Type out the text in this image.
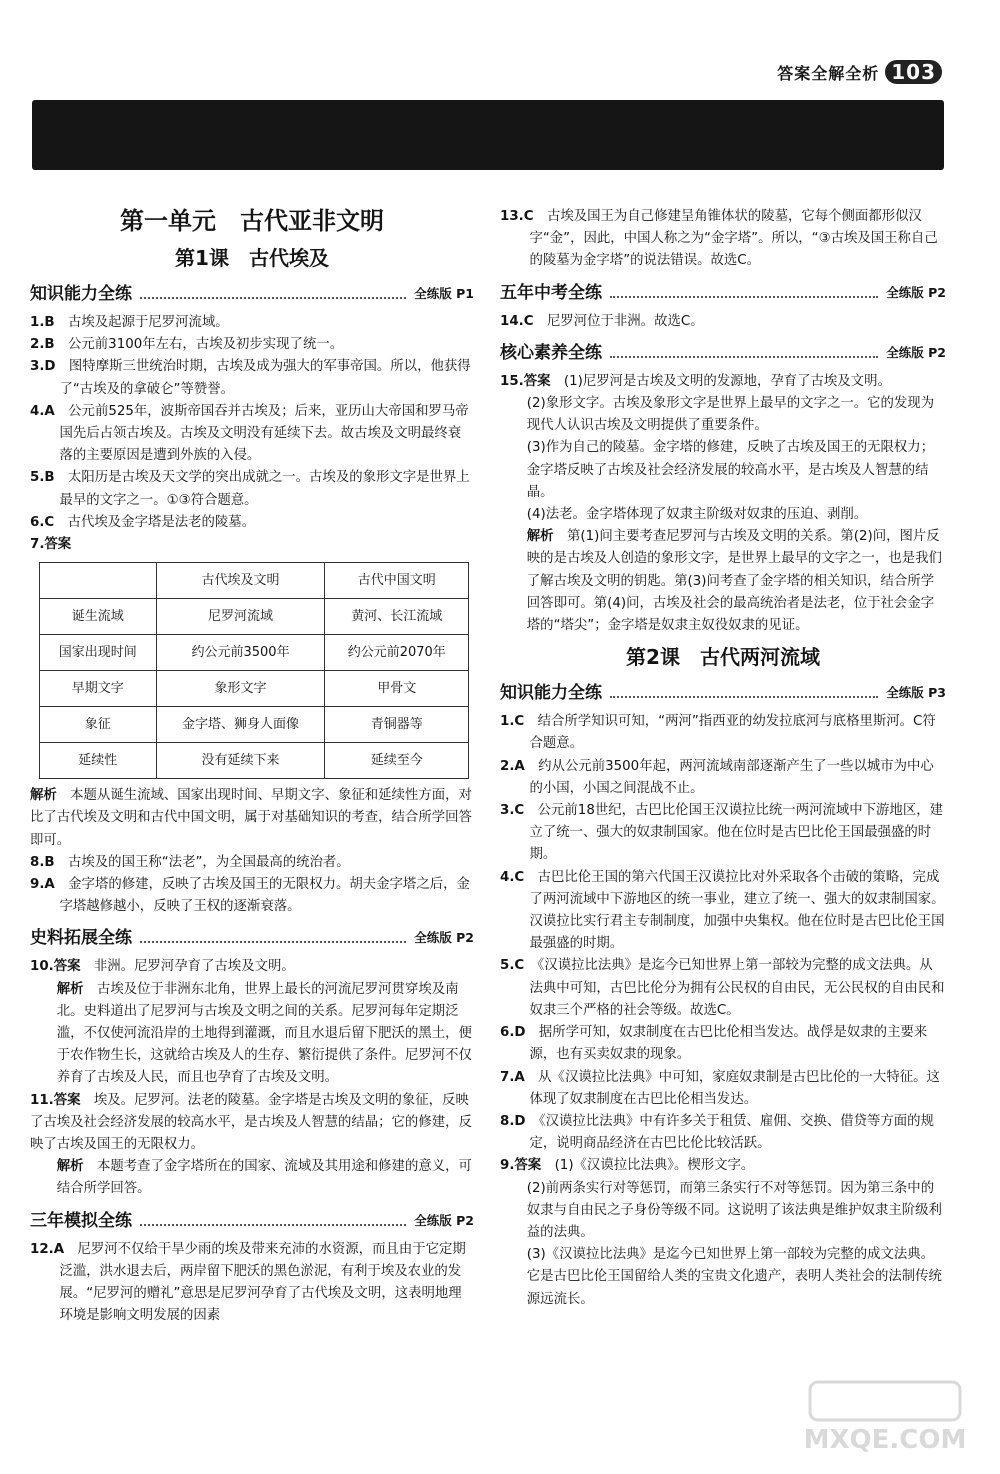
答案全解全析 103
第一单元　古代亚非文明
第1课　古代埃及
知识能力全练	全练版 P1

1.B　 古埃及起源于尼罗河流域。

2.B　 公元前3100年左右，古埃及初步实现了统一。

3.D　 图特摩斯三世统治时期，古埃及成为强大的军事帝国。所以，他获得了“古埃及的拿破仑”等赞誉。

4.A　 公元前525年，波斯帝国吞并古埃及；后来，亚历山大帝国和罗马帝国先后占领古埃及。古埃及文明没有延续下去。故古埃及文明最终衰落的主要原因是遭到外族的入侵。

5.B　 太阳历是古埃及天文学的突出成就之一。古埃及的象形文字是世界上最早的文字之一。①③符合题意。

6.C　 古代埃及金字塔是法老的陵墓。

7.答案

	古代埃及文明	古代中国文明
诞生流域	尼罗河流域	黄河、长江流域
国家出现时间	约公元前3500年	约公元前2070年
早期文字	象形文字	甲骨文
象征	金字塔、狮身人面像	青铜器等
延续性	没有延续下来	延续至今

解析　 本题从诞生流域、国家出现时间、早期文字、象征和延续性方面，对比了古代埃及文明和古代中国文明，属于对基础知识的考查，结合所学回答即可。

8.B　 古埃及的国王称“法老”，为全国最高的统治者。

9.A　 金字塔的修建，反映了古埃及国王的无限权力。胡夫金字塔之后，金字塔越修越小，反映了王权的逐渐衰落。

史料拓展全练	全练版 P2

10.答案　 非洲。尼罗河孕育了古埃及文明。

解析　 古埃及位于非洲东北角，世界上最长的河流尼罗河贯穿埃及南北。史料道出了尼罗河与古埃及文明之间的关系。尼罗河每年定期泛滥，不仅使河流沿岸的土地得到灌溉，而且水退后留下肥沃的黑土，便于农作物生长，这就给古埃及人的生存、繁衍提供了条件。尼罗河不仅养育了古埃及人民，而且也孕育了古埃及文明。

11.答案　 埃及。尼罗河。法老的陵墓。金字塔是古埃及文明的象征，反映了古埃及社会经济发展的较高水平，是古埃及人智慧的结晶；它的修建，反映了古埃及国王的无限权力。

解析　 本题考查了金字塔所在的国家、流域及其用途和修建的意义，可结合所学回答。

三年模拟全练	全练版 P2

12.A　 尼罗河不仅给干旱少雨的埃及带来充沛的水资源，而且由于它定期泛滥，洪水退去后，两岸留下肥沃的黑色淤泥，有利于埃及农业的发展。“尼罗河的赠礼”意思是尼罗河孕育了古代埃及文明，这表明地理环境是影响文明发展的因素

13.C　 古埃及国王为自己修建呈角锥体状的陵墓，它每个侧面都形似汉字“金”，因此，中国人称之为“金字塔”。所以，“③古埃及国王称自己的陵墓为金字塔”的说法错误。故选C。

五年中考全练	全练版 P2

14.C　 尼罗河位于非洲。故选C。

核心素养全练	全练版 P2

15.答案　 (1)尼罗河是古埃及文明的发源地，孕育了古埃及文明。

(2)象形文字。古埃及象形文字是世界上最早的文字之一。它的发现为现代人认识古埃及文明提供了重要条件。

(3)作为自己的陵墓。金字塔的修建，反映了古埃及国王的无限权力；金字塔反映了古埃及社会经济发展的较高水平，是古埃及人智慧的结晶。

(4)法老。金字塔体现了奴隶主阶级对奴隶的压迫、剥削。

解析　 第(1)问主要考查尼罗河与古埃及文明的关系。第(2)问，图片反映的是古埃及人创造的象形文字，是世界上最早的文字之一，也是我们了解古埃及文明的钥匙。第(3)问考查了金字塔的相关知识，结合所学回答即可。第(4)问，古埃及社会的最高统治者是法老，位于社会金字塔的“塔尖”；金字塔是奴隶主奴役奴隶的见证。

第2课　古代两河流域
知识能力全练	全练版 P3

1.C　 结合所学知识可知，“两河”指西亚的幼发拉底河与底格里斯河。C符合题意。

2.A　 约从公元前3500年起，两河流域南部逐渐产生了一些以城市为中心的小国，小国之间混战不止。

3.C　 公元前18世纪，古巴比伦国王汉谟拉比统一两河流域中下游地区，建立了统一、强大的奴隶制国家。他在位时是古巴比伦王国最强盛的时期。

4.C　 古巴比伦王国的第六代国王汉谟拉比对外采取各个击破的策略，完成了两河流域中下游地区的统一事业，建立了统一、强大的奴隶制国家。汉谟拉比实行君主专制制度，加强中央集权。他在位时是古巴比伦王国最强盛的时期。

5.C　 《汉谟拉比法典》是迄今已知世界上第一部较为完整的成文法典。从法典中可知，古巴比伦分为拥有公民权的自由民，无公民权的自由民和奴隶三个严格的社会等级。故选C。

6.D　 据所学可知，奴隶制度在古巴比伦相当发达。战俘是奴隶的主要来源，也有买卖奴隶的现象。

7.A　 从《汉谟拉比法典》中可知，家庭奴隶制是古巴比伦的一大特征。这体现了奴隶制度在古巴比伦相当发达。

8.D　 《汉谟拉比法典》中有许多关于租赁、雇佣、交换、借贷等方面的规定，说明商品经济在古巴比伦比较活跃。

9.答案　 (1)《汉谟拉比法典》。楔形文字。

(2)前两条实行对等惩罚，而第三条实行不对等惩罚。因为第三条中的奴隶与自由民之子身份等级不同。这说明了该法典是维护奴隶主阶级利益的法典。

(3)《汉谟拉比法典》是迄今已知世界上第一部较为完整的成文法典。它是古巴比伦王国留给人类的宝贵文化遗产，表明人类社会的法制传统源远流长。

MXQE.COM
